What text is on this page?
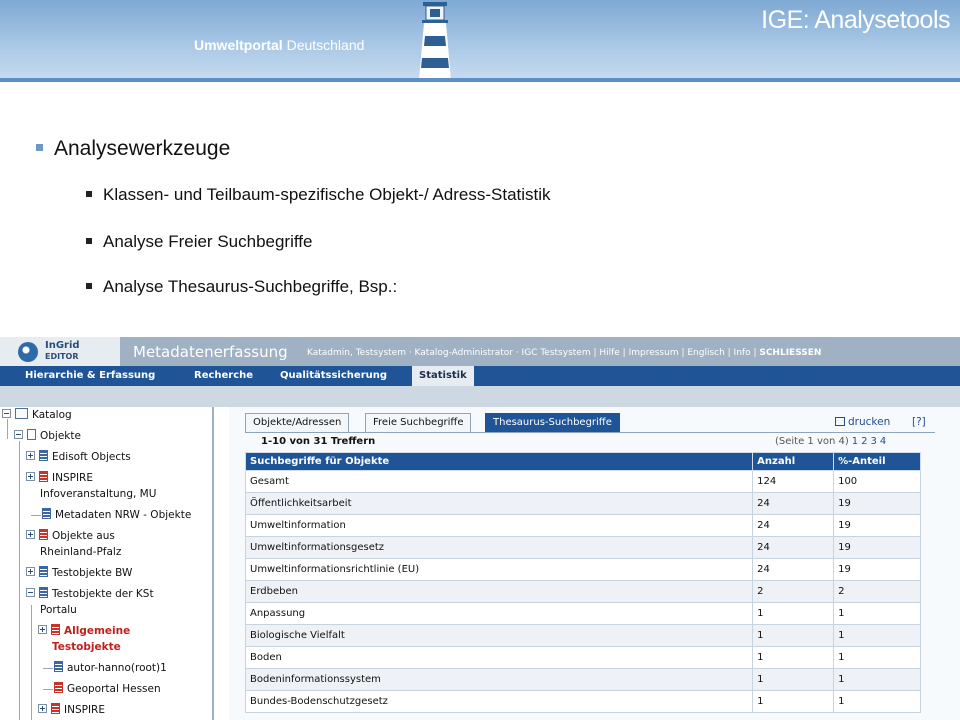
Umweltportal Deutschland
IGE: Analysetools
Analysewerkzeuge
Klassen- und Teilbaum-spezifische Objekt-/ Adress-Statistik
Analyse Freier Suchbegriffe
Analyse Thesaurus-Suchbegriffe, Bsp.:
InGrid
EDITOR	Metadatenerfassung Katadmin, Testsystem · Katalog-Administrator · IGC Testsystem | Hilfe | Impressum | Englisch | Info | SCHLIESSEN
Hierarchie & Erfassung	Recherche	Qualitätssicherung	Statistik
Katalog
Objekte
Edisoft Objects
INSPIRE
Infoveranstaltung, MU
Metadaten NRW - Objekte
Objekte aus
Rheinland-Pfalz
Testobjekte BW
Testobjekte der KSt
Portalu
Allgemeine
Testobjekte
autor-hanno(root)1
Geoportal Hessen
INSPIRE
Objekte/Adressen	Freie Suchbegriffe	Thesaurus-Suchbegriffe	drucken [?]
1-10 von 31 Treffern	(Seite 1 von 4) 1 2 3 4
Suchbegriffe für Objekte	Anzahl	%-Anteil
Gesamt	124	100
Öffentlichkeitsarbeit	24	19
Umweltinformation	24	19
Umweltinformationsgesetz	24	19
Umweltinformationsrichtlinie (EU)	24	19
Erdbeben	2	2
Anpassung	1	1
Biologische Vielfalt	1	1
Boden	1	1
Bodeninformationssystem	1	1
Bundes-Bodenschutzgesetz	1	1
